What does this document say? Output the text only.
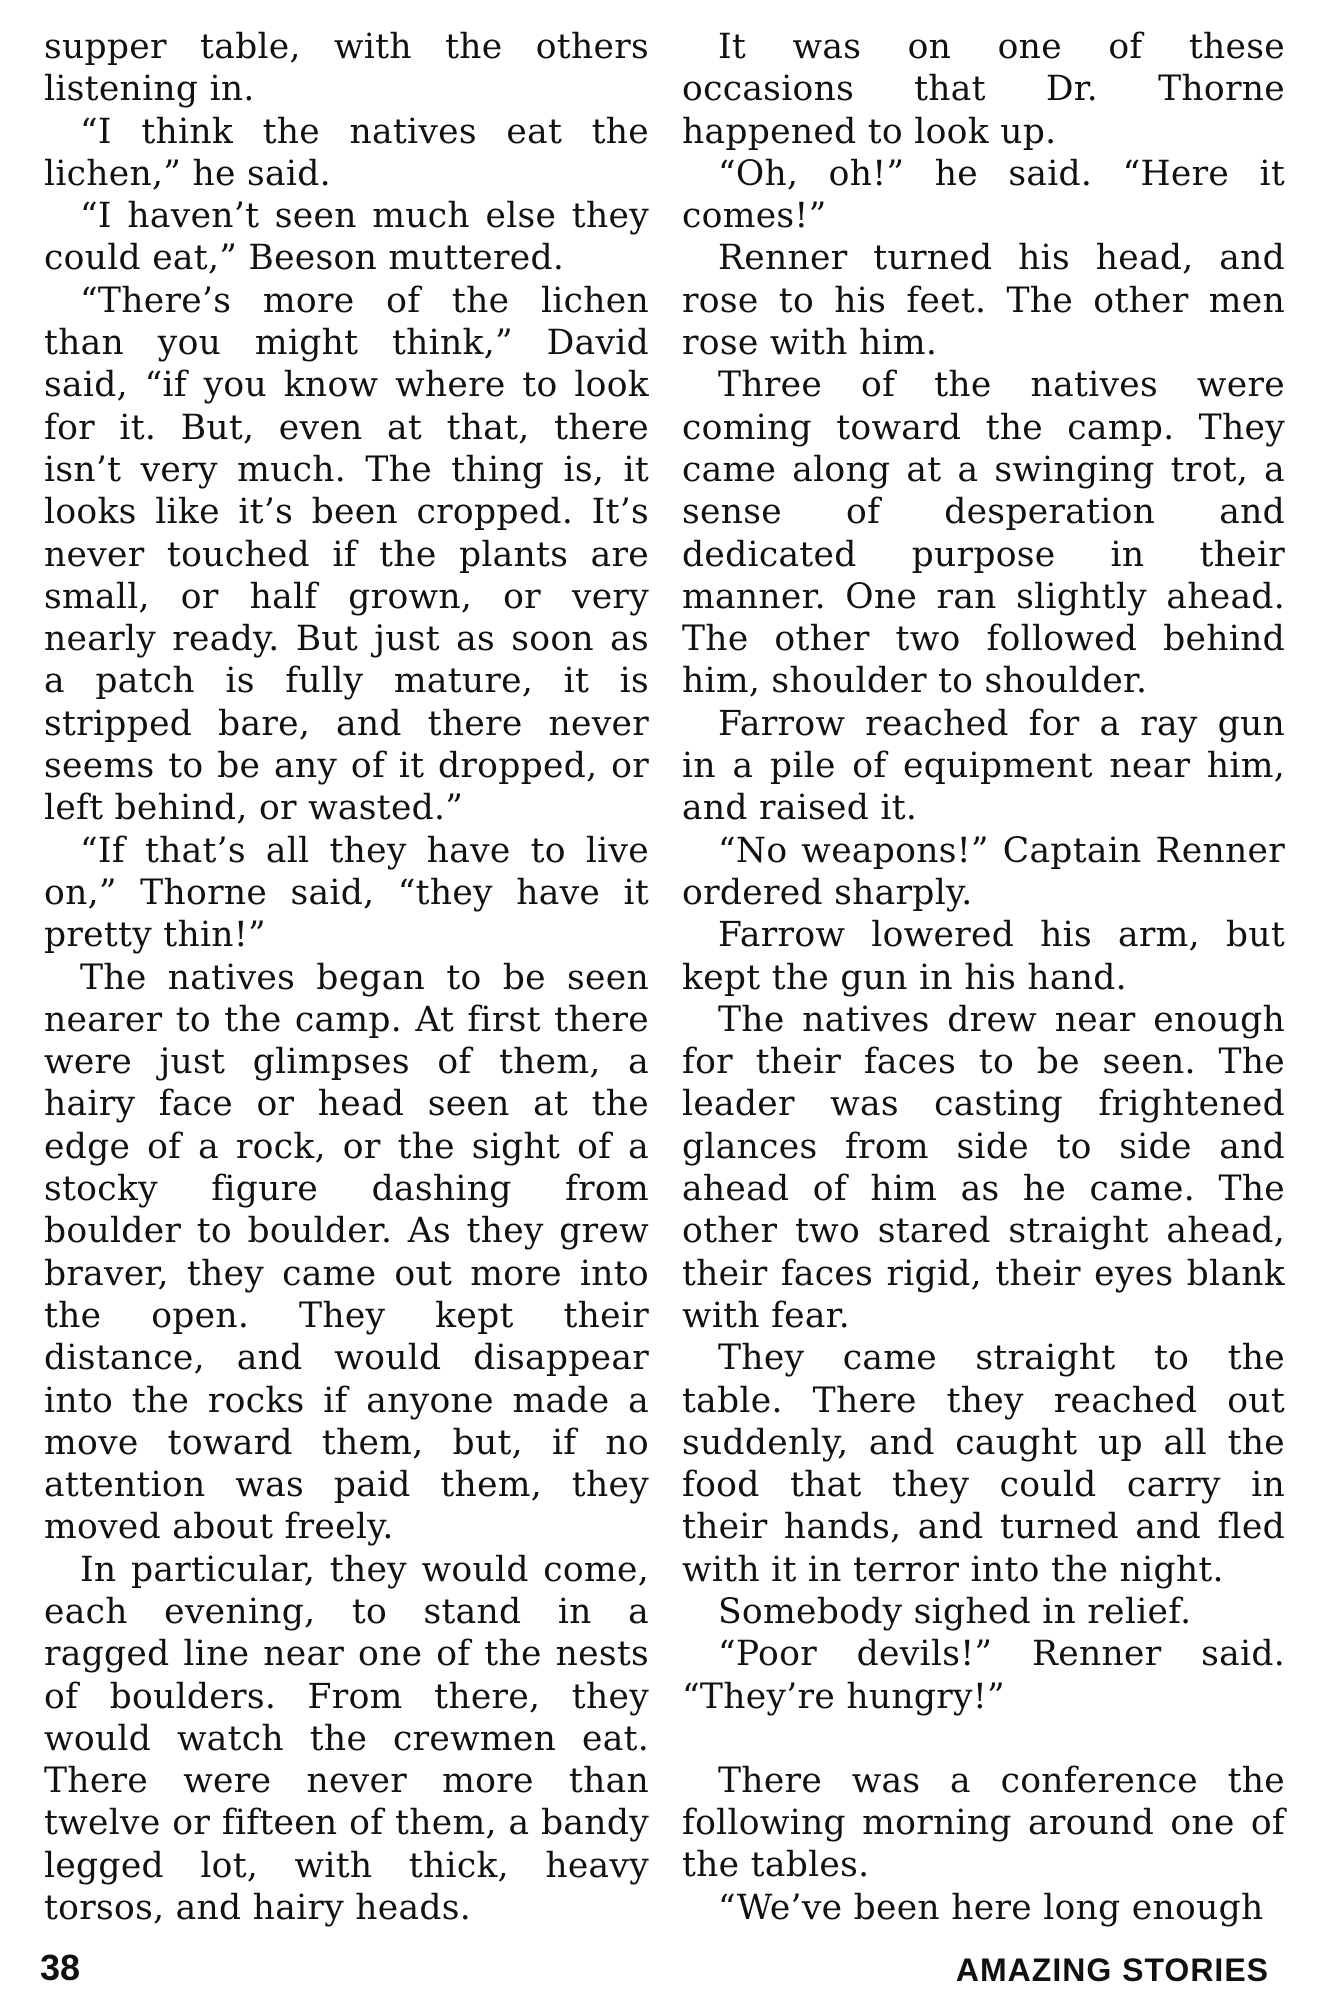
supper table, with the others listening in.

“I think the natives eat the lichen,” he said.

“I haven’t seen much else they could eat,” Beeson muttered.

“There’s more of the lichen than you might think,” David said, “if you know where to look for it. But, even at that, there isn’t very much. The thing is, it looks like it’s been cropped. It’s never touched if the plants are small, or half grown, or very nearly ready. But just as soon as a patch is fully mature, it is stripped bare, and there never seems to be any of it dropped, or left behind, or wasted.”

“If that’s all they have to live on,” Thorne said, “they have it pretty thin!”

The natives began to be seen nearer to the camp. At first there were just glimpses of them, a hairy face or head seen at the edge of a rock, or the sight of a stocky figure dashing from boulder to boulder. As they grew braver, they came out more into the open. They kept their distance, and would disappear into the rocks if anyone made a move toward them, but, if no attention was paid them, they moved about freely.

In particular, they would come, each evening, to stand in a ragged line near one of the nests of boulders. From there, they would watch the crewmen eat. There were never more than twelve or fifteen of them, a bandy legged lot, with thick, heavy torsos, and hairy heads.

It was on one of these occasions that Dr. Thorne happened to look up.

“Oh, oh!” he said. “Here it comes!”

Renner turned his head, and rose to his feet. The other men rose with him.

Three of the natives were coming toward the camp. They came along at a swinging trot, a sense of desperation and dedicated purpose in their manner. One ran slightly ahead. The other two followed behind him, shoulder to shoulder.

Farrow reached for a ray gun in a pile of equipment near him, and raised it.

“No weapons!” Captain Renner ordered sharply.

Farrow lowered his arm, but kept the gun in his hand.

The natives drew near enough for their faces to be seen. The leader was casting frightened glances from side to side and ahead of him as he came. The other two stared straight ahead, their faces rigid, their eyes blank with fear.

They came straight to the table. There they reached out suddenly, and caught up all the food that they could carry in their hands, and turned and fled with it in terror into the night.

Somebody sighed in relief.

“Poor devils!” Renner said. “They’re hungry!”

There was a conference the following morning around one of the tables.

“We’ve been here long enough

38	AMAZING STORIES
